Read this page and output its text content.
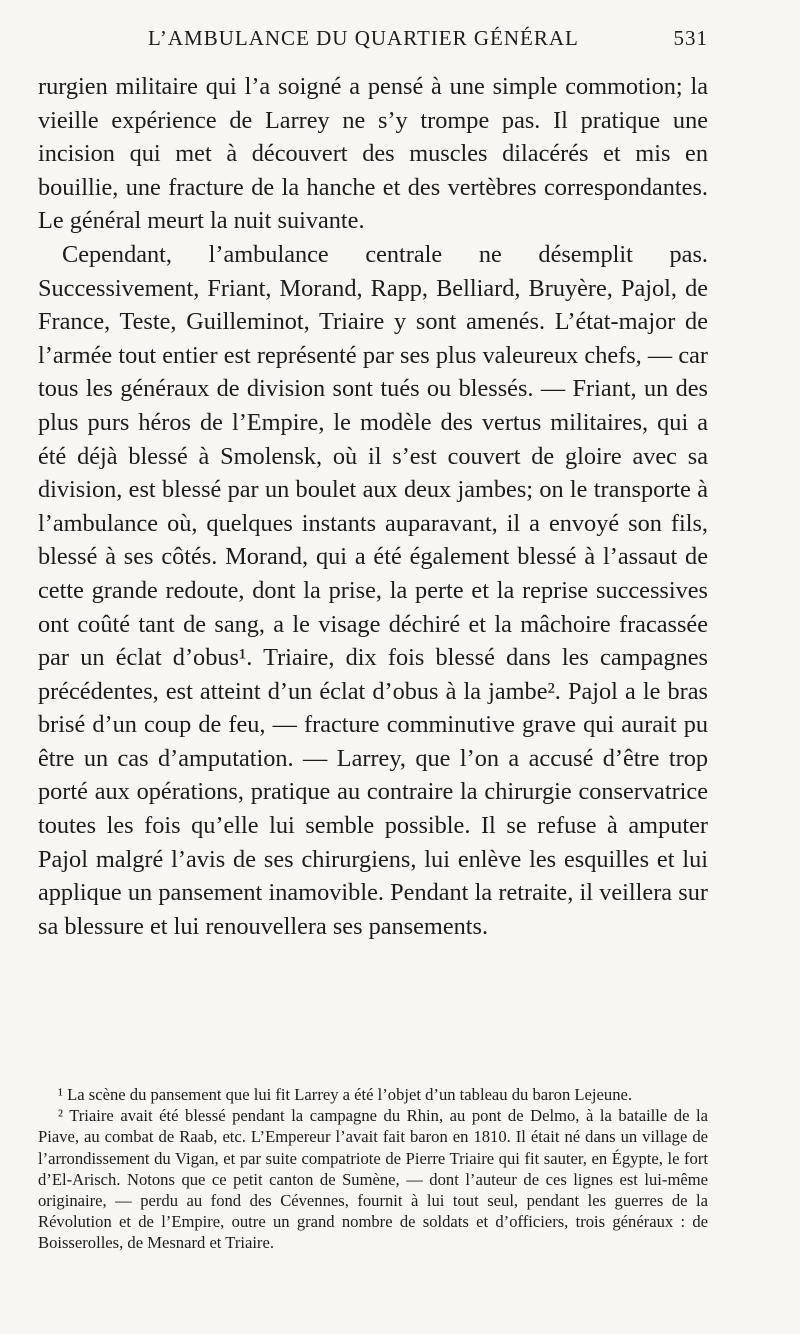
L’AMBULANCE DU QUARTIER GÉNÉRAL	531

rurgien militaire qui l’a soigné a pensé à une simple commotion; la vieille expérience de Larrey ne s’y trompe pas. Il pratique une incision qui met à découvert des muscles dilacérés et mis en bouillie, une fracture de la hanche et des vertèbres correspondantes. Le général meurt la nuit suivante.

Cependant, l’ambulance centrale ne désemplit pas. Successivement, Friant, Morand, Rapp, Belliard, Bruyère, Pajol, de France, Teste, Guilleminot, Triaire y sont amenés. L’état-major de l’armée tout entier est représenté par ses plus valeureux chefs, — car tous les généraux de division sont tués ou blessés. — Friant, un des plus purs héros de l’Empire, le modèle des vertus militaires, qui a été déjà blessé à Smolensk, où il s’est couvert de gloire avec sa division, est blessé par un boulet aux deux jambes; on le transporte à l’ambulance où, quelques instants auparavant, il a envoyé son fils, blessé à ses côtés. Morand, qui a été également blessé à l’assaut de cette grande redoute, dont la prise, la perte et la reprise successives ont coûté tant de sang, a le visage déchiré et la mâchoire fracassée par un éclat d’obus¹. Triaire, dix fois blessé dans les campagnes précédentes, est atteint d’un éclat d’obus à la jambe². Pajol a le bras brisé d’un coup de feu, — fracture comminutive grave qui aurait pu être un cas d’amputation. — Larrey, que l’on a accusé d’être trop porté aux opérations, pratique au contraire la chirurgie conservatrice toutes les fois qu’elle lui semble possible. Il se refuse à amputer Pajol malgré l’avis de ses chirurgiens, lui enlève les esquilles et lui applique un pansement inamovible. Pendant la retraite, il veillera sur sa blessure et lui renouvellera ses pansements.

¹ La scène du pansement que lui fit Larrey a été l’objet d’un tableau du baron Lejeune.

² Triaire avait été blessé pendant la campagne du Rhin, au pont de Delmo, à la bataille de la Piave, au combat de Raab, etc. L’Empereur l’avait fait baron en 1810. Il était né dans un village de l’arrondissement du Vigan, et par suite compatriote de Pierre Triaire qui fit sauter, en Égypte, le fort d’El-Arisch. Notons que ce petit canton de Sumène, — dont l’auteur de ces lignes est lui-même originaire, — perdu au fond des Cévennes, fournit à lui tout seul, pendant les guerres de la Révolution et de l’Empire, outre un grand nombre de soldats et d’officiers, trois généraux : de Boisserolles, de Mesnard et Triaire.
